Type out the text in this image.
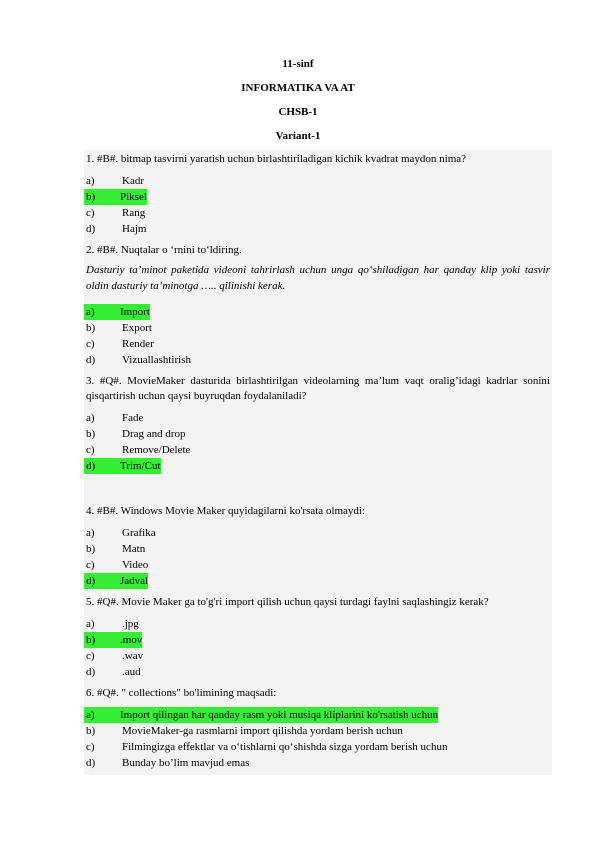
11-sinf
INFORMATIKA VA AT
CHSB-1
Variant-1
1. #B#. bitmap tasvirni yaratish uchun birlashtiriladigan kichik kvadrat maydon nima?
a)	Kadr
b)	Piksel
c)	Rang
d)	Hajm
2. #B#. Nuqtalar o ‘rnini to‘ldiring.
Dasturiy ta’minot paketida videoni tahrirlash uchun unga qo‘shiladigan har qanday klip yoki tasvir oldin dasturiy ta’minotga ….. qilinishi kerak.
a)	Import
b)	Export
c)	Render
d)	Vizuallashtirish
3. #Q#. MovieMaker dasturida birlashtirilgan videolarning ma’lum vaqt oralig’idagi kadrlar sonini qisqartirish uchun qaysi buyruqdan foydalaniladi?
a)	Fade
b)	Drag and drop
c)	Remove/Delete
d)	Trim/Cut
4. #B#. Windows Movie Maker quyidagilarni ko'rsata olmaydi:
a)	Grafika
b)	Matn
c)	Video
d)	Jadval
5. #Q#. Movie Maker ga to'g'ri import qilish uchun qaysi turdagi faylni saqlashingiz kerak?
a)	.jpg
b)	.mov
c)	.wav
d)	.aud
6. #Q#. " collections" bo'limining maqsadi:
a)	Import qilingan har qanday rasm yoki musiqa kliplarini ko'rsatish uchun
b)	MovieMaker-ga rasmlarni import qilishda yordam berish uchun
c)	Filmingizga effektlar va o‘tishlarni qo‘shishda sizga yordam berish uchun
d)	Bunday bo’lim mavjud emas
